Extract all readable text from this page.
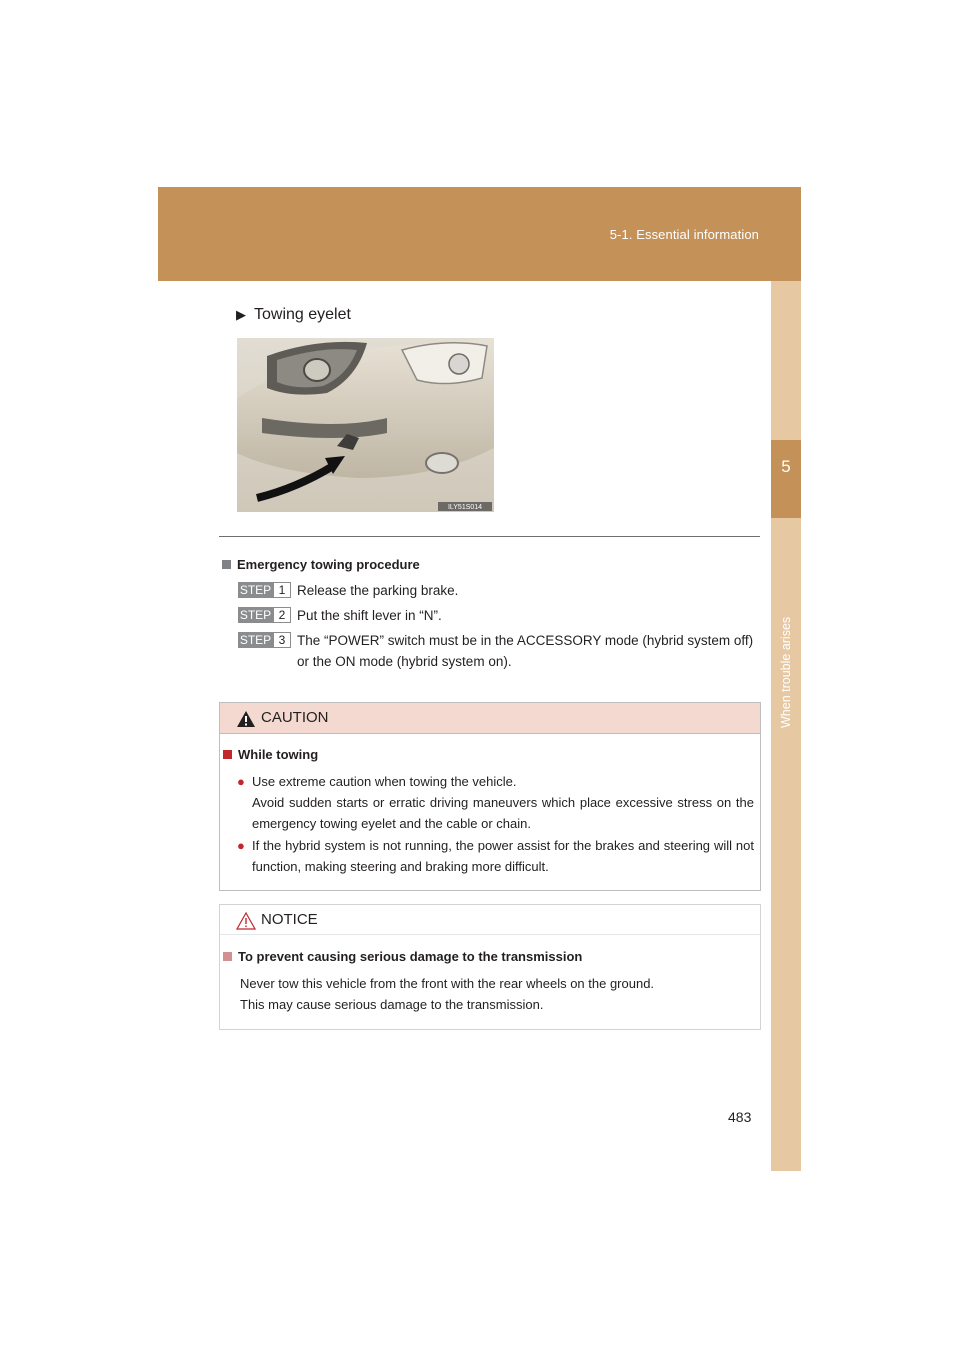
5-1. Essential information
5
When trouble arises
▶ Towing eyelet
ILY51S014
Emergency towing procedure
STEP 1 Release the parking brake.
STEP 2 Put the shift lever in “N”.
STEP 3 The “POWER” switch must be in the ACCESSORY mode (hybrid system off) or the ON mode (hybrid system on).
CAUTION
While towing
● Use extreme caution when towing the vehicle.
Avoid sudden starts or erratic driving maneuvers which place excessive stress on the emergency towing eyelet and the cable or chain.
● If the hybrid system is not running, the power assist for the brakes and steering will not function, making steering and braking more difficult.
NOTICE
To prevent causing serious damage to the transmission
Never tow this vehicle from the front with the rear wheels on the ground.
This may cause serious damage to the transmission.
483
